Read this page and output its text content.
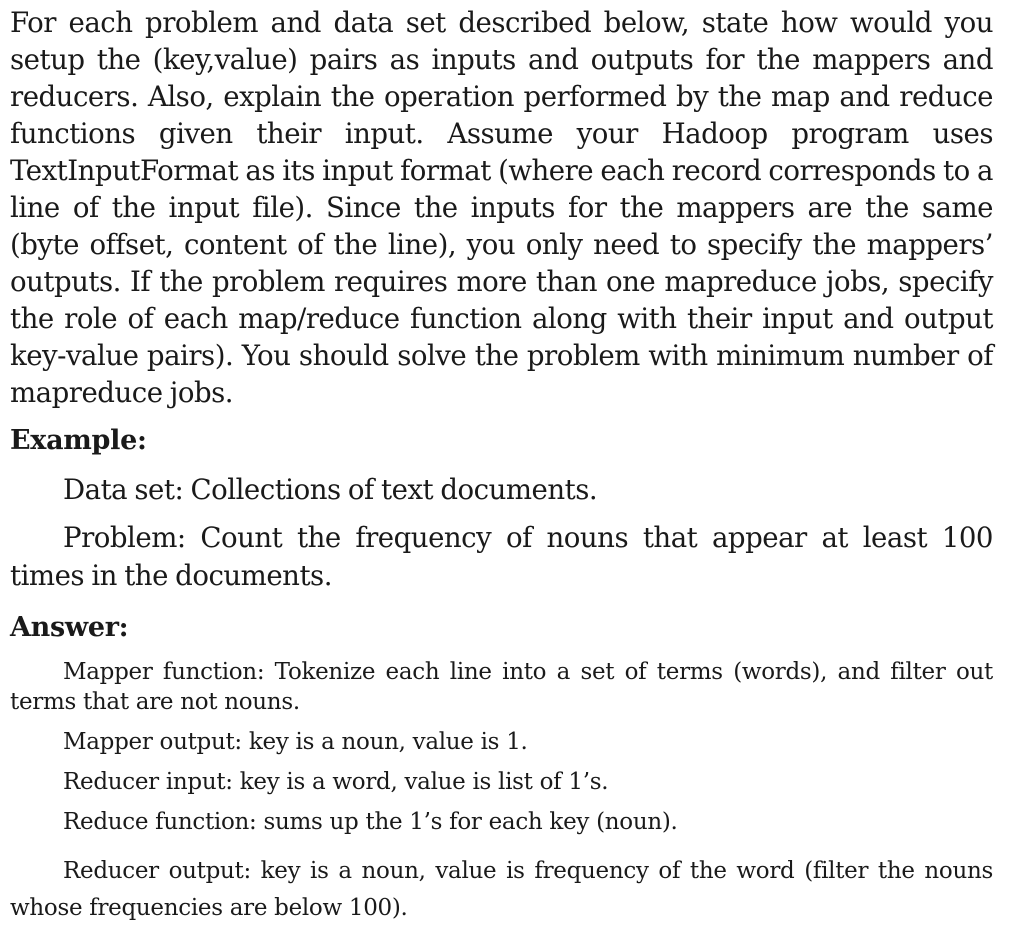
For each problem and data set described below, state how would you setup the (key,value) pairs as inputs and outputs for the mappers and reducers. Also, explain the operation performed by the map and reduce functions given their input. Assume your Hadoop program uses TextInputFormat as its input format (where each record corresponds to a line of the input file). Since the inputs for the mappers are the same (byte offset, content of the line), you only need to specify the mappers’ outputs. If the problem requires more than one mapreduce jobs, specify the role of each map/reduce function along with their input and output key-value pairs). You should solve the problem with minimum number of mapreduce jobs.

Example:

Data set: Collections of text documents.

Problem: Count the frequency of nouns that appear at least 100 times in the documents.

Answer:

Mapper function: Tokenize each line into a set of terms (words), and filter out terms that are not nouns.

Mapper output: key is a noun, value is 1.

Reducer input: key is a word, value is list of 1’s.

Reduce function: sums up the 1’s for each key (noun).

Reducer output: key is a noun, value is frequency of the word (filter the nouns whose frequencies are below 100).
